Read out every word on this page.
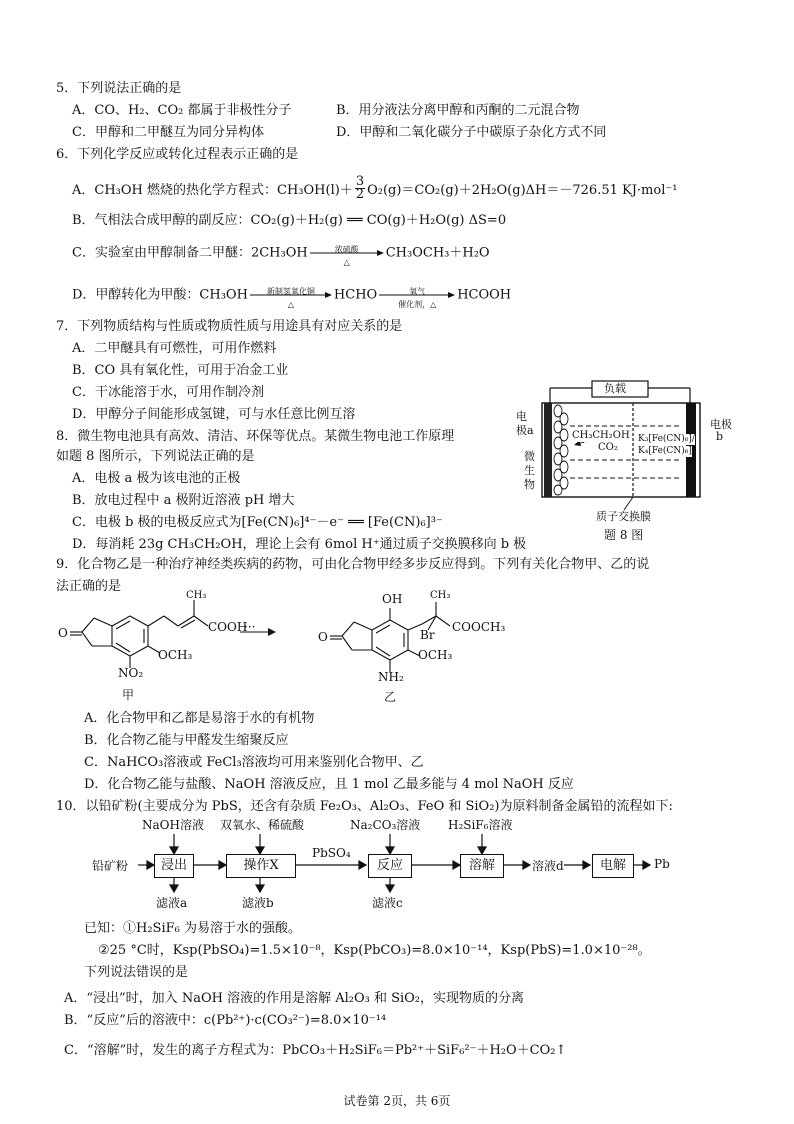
5．下列说法正确的是
A．CO、H₂、CO₂ 都属于非极性分子	B．用分液法分离甲醇和丙酮的二元混合物
C．甲醇和二甲醚互为同分异构体	D．甲醇和二氧化碳分子中碳原子杂化方式不同
6．下列化学反应或转化过程表示正确的是
A．CH₃OH 燃烧的热化学方程式：$CH_3OH(l)+ \frac{3}{2} O_2(g)=CO_2(g)+2H_2O(g)\Delta H=-726.51$ KJ·mol⁻¹
B．气相法合成甲醇的副反应：CO₂(g)＋H₂(g) ══ CO(g)＋H₂O(g) ΔS=0
C．实验室由甲醇制备二甲醚：2CH₃OH	浓硫酸
△
CH₃OCH₃＋H₂O
D．甲醇转化为甲酸：CH₃OH	新制氢氧化铜
△
HCHO	氧气
催化剂，△
HCOOH
7．下列物质结构与性质或物质性质与用途具有对应关系的是
A．二甲醚具有可燃性，可用作燃料
B．CO 具有氧化性，可用于冶金工业
C．干冰能溶于水，可用作制冷剂
D．甲醇分子间能形成氢键，可与水任意比例互溶
8．微生物电池具有高效、清洁、环保等优点。某微生物电池工作原理
如题 8 图所示，下列说法正确的是
A．电极 a 极为该电池的正极
B．放电过程中 a 极附近溶液 pH 增大
C．电极 b 极的电极反应式为[Fe(CN)₆]⁴⁻－e⁻ ══ [Fe(CN)₆]³⁻
D．每消耗 23g CH₃CH₂OH，理论上会有 6mol H⁺通过质子交换膜移向 b 极
负载
电
极a	电极
b
CH₃CH₂OH
CO₂
微
生
物
K₃[Fe(CN)₆]/
K₄[Fe(CN)₆]
质子交换膜
题 8 图
9．化合物乙是一种治疗神经类疾病的药物，可由化合物甲经多步反应得到。下列有关化合物甲、乙的说
法正确的是
O
CH₃
COOH
OCH₃
NO₂
甲
···
O
OH	CH₃
Br
COOCH₃
OCH₃
NH₂
乙
A．化合物甲和乙都是易溶于水的有机物
B．化合物乙能与甲醛发生缩聚反应
C．NaHCO₃溶液或 FeCl₃溶液均可用来鉴别化合物甲、乙
D．化合物乙能与盐酸、NaOH 溶液反应，且 1 mol 乙最多能与 4 mol NaOH 反应
10．以铅矿粉(主要成分为 PbS，还含有杂质 Fe₂O₃、Al₂O₃、FeO 和 SiO₂)为原料制备金属铅的流程如下:
NaOH溶液 双氧水、稀硫酸	Na₂CO₃溶液 H₂SiF₆溶液
铅矿粉	浸出	操作X
PbSO₄
反应	溶解	溶液d	电解	Pb
滤液a	滤液b	滤液c
已知：①H₂SiF₆ 为易溶于水的强酸。
②25 °C时，Ksp(PbSO₄)=1.5×10⁻⁸，Ksp(PbCO₃)=8.0×10⁻¹⁴，Ksp(PbS)=1.0×10⁻²⁸。
下列说法错误的是
A．“浸出”时，加入 NaOH 溶液的作用是溶解 Al₂O₃ 和 SiO₂，实现物质的分离
B．“反应”后的溶液中：c(Pb²⁺)·c(CO₃²⁻)=8.0×10⁻¹⁴
C．“溶解”时，发生的离子方程式为：PbCO₃＋H₂SiF₆＝Pb²⁺＋SiF₆²⁻＋H₂O＋CO₂↑
试卷第 2页，共 6页
